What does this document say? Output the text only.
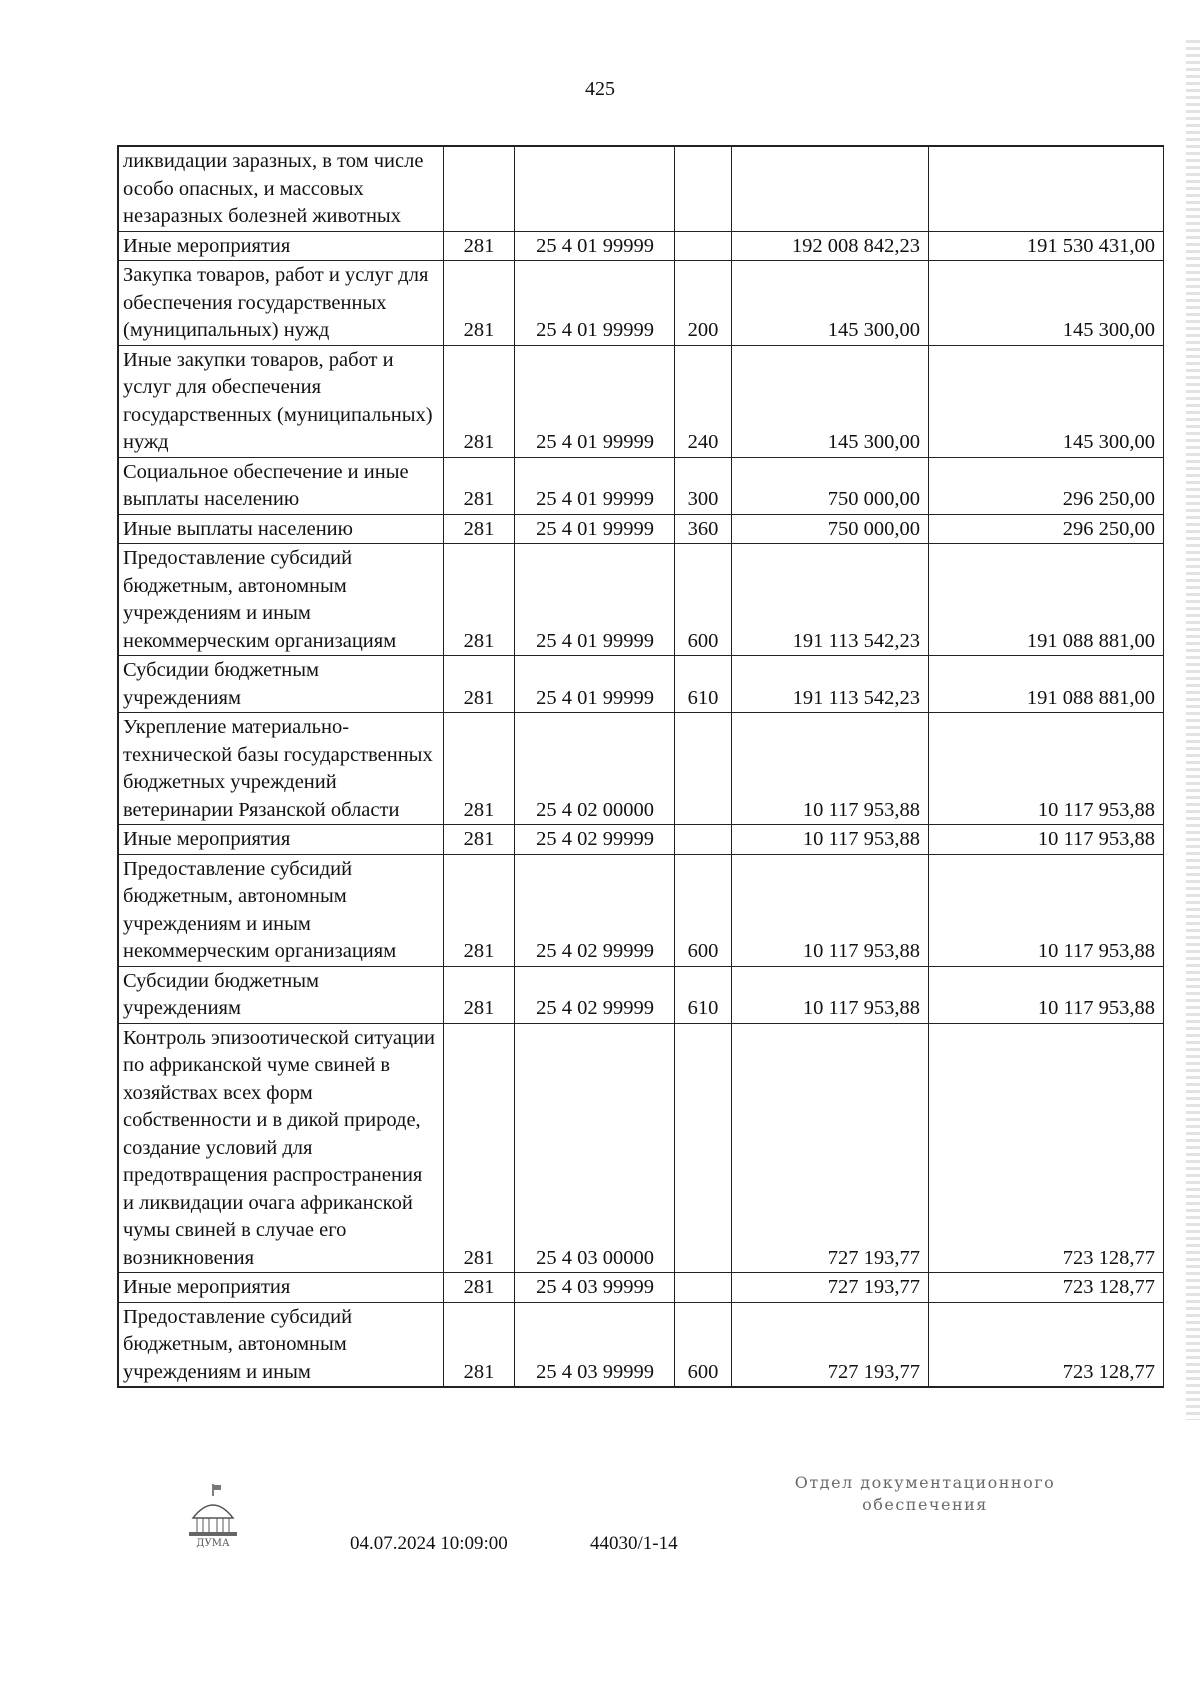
425
ликвидации заразных, в том числе особо опасных, и массовых незаразных болезней животных					
Иные мероприятия	281	25 4 01 99999		192 008 842,23	191 530 431,00
Закупка товаров, работ и услуг для обеспечения государственных (муниципальных) нужд	281	25 4 01 99999	200	145 300,00	145 300,00
Иные закупки товаров, работ и услуг для обеспечения государственных (муниципальных) нужд	281	25 4 01 99999	240	145 300,00	145 300,00
Социальное обеспечение и иные выплаты населению	281	25 4 01 99999	300	750 000,00	296 250,00
Иные выплаты населению	281	25 4 01 99999	360	750 000,00	296 250,00
Предоставление субсидий бюджетным, автономным учреждениям и иным некоммерческим организациям	281	25 4 01 99999	600	191 113 542,23	191 088 881,00
Субсидии бюджетным учреждениям	281	25 4 01 99999	610	191 113 542,23	191 088 881,00
Укрепление материально-технической базы государственных бюджетных учреждений ветеринарии Рязанской области	281	25 4 02 00000		10 117 953,88	10 117 953,88
Иные мероприятия	281	25 4 02 99999		10 117 953,88	10 117 953,88
Предоставление субсидий бюджетным, автономным учреждениям и иным некоммерческим организациям	281	25 4 02 99999	600	10 117 953,88	10 117 953,88
Субсидии бюджетным учреждениям	281	25 4 02 99999	610	10 117 953,88	10 117 953,88
Контроль эпизоотической ситуации по африканской чуме свиней в хозяйствах всех форм собственности и в дикой природе, создание условий для предотвращения распространения и ликвидации очага африканской чумы свиней в случае его возникновения	281	25 4 03 00000		727 193,77	723 128,77
Иные мероприятия	281	25 4 03 99999		727 193,77	723 128,77
Предоставление субсидий бюджетным, автономным учреждениям и иным	281	25 4 03 99999	600	727 193,77	723 128,77
ДУМА	04.07.2024 10:09:00	44030/1-14
Отдел документационного
обеспечения
